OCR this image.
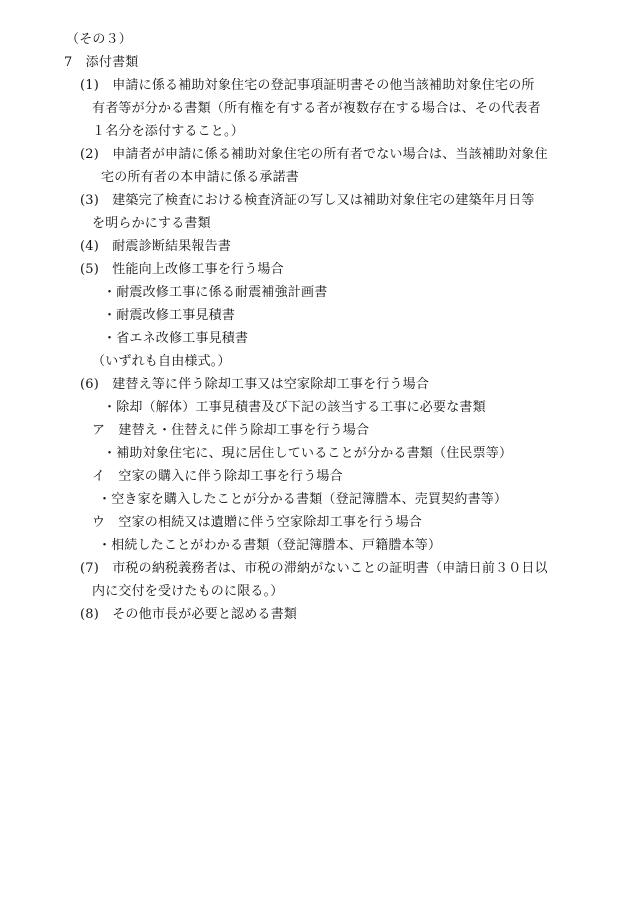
（その３）
7　添付書類
(1)　申請に係る補助対象住宅の登記事項証明書その他当該補助対象住宅の所
有者等が分かる書類（所有権を有する者が複数存在する場合は、その代表者
１名分を添付すること。）
(2)　申請者が申請に係る補助対象住宅の所有者でない場合は、当該補助対象住
宅の所有者の本申請に係る承諾書
(3)　建築完了検査における検査済証の写し又は補助対象住宅の建築年月日等
を明らかにする書類
(4)　耐震診断結果報告書
(5)　性能向上改修工事を行う場合
・耐震改修工事に係る耐震補強計画書
・耐震改修工事見積書
・省エネ改修工事見積書
（いずれも自由様式。）
(6)　建替え等に伴う除却工事又は空家除却工事を行う場合
・除却（解体）工事見積書及び下記の該当する工事に必要な書類
ア　建替え・住替えに伴う除却工事を行う場合
・補助対象住宅に、現に居住していることが分かる書類（住民票等）
イ　空家の購入に伴う除却工事を行う場合
・空き家を購入したことが分かる書類（登記簿謄本、売買契約書等）
ウ　空家の相続又は遺贈に伴う空家除却工事を行う場合
・相続したことがわかる書類（登記簿謄本、戸籍謄本等）
(7)　市税の納税義務者は、市税の滞納がないことの証明書（申請日前３０日以
内に交付を受けたものに限る。）
(8)　その他市長が必要と認める書類
